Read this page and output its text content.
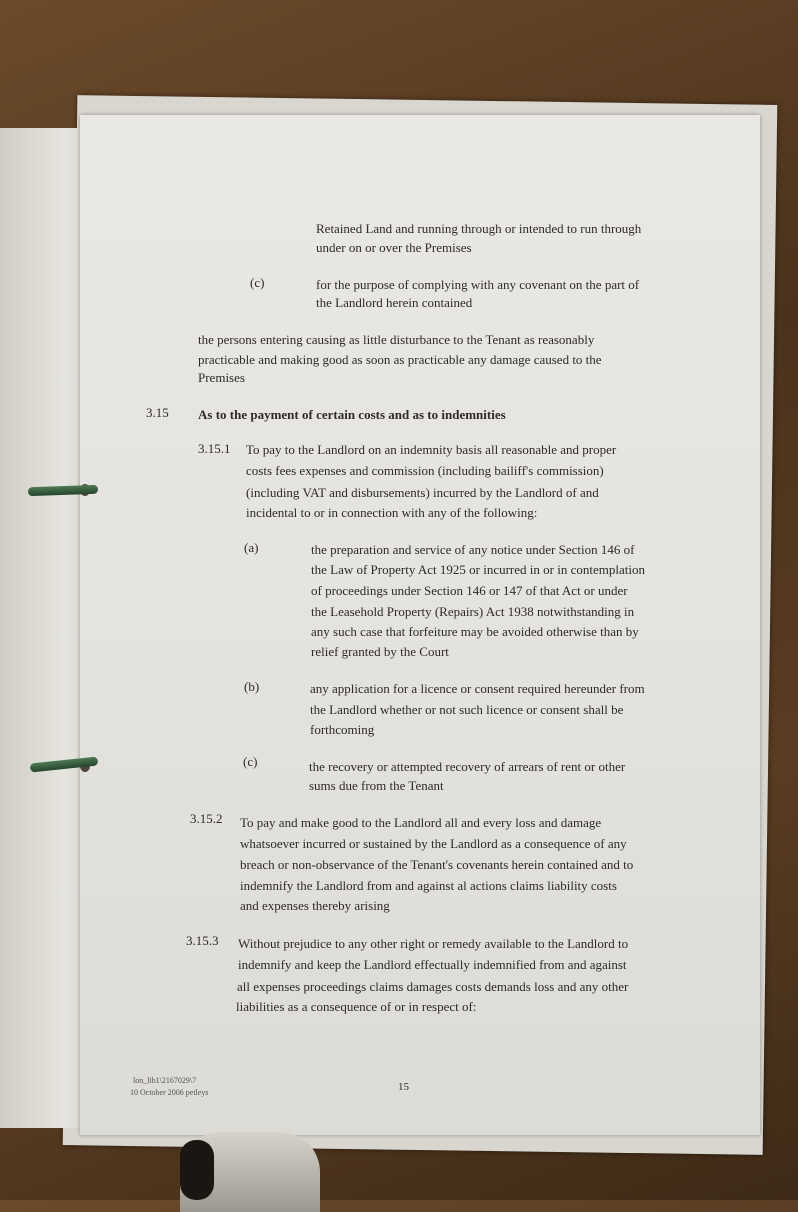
Retained Land and running through or intended to run through

under on or over the Premises

(c)	for the purpose of complying with any covenant on the part of

the Landlord herein contained

the persons entering causing as little disturbance to the Tenant as reasonably

practicable and making good as soon as practicable any damage caused to the

Premises

3.15 As to the payment of certain costs and as to indemnities

3.15.1 To pay to the Landlord on an indemnity basis all reasonable and proper

costs fees expenses and commission (including bailiff's commission)

(including VAT and disbursements) incurred by the Landlord of and

incidental to or in connection with any of the following:

(a)	the preparation and service of any notice under Section 146 of

the Law of Property Act 1925 or incurred in or in contemplation

of proceedings under Section 146 or 147 of that Act or under

the Leasehold Property (Repairs) Act 1938 notwithstanding in

any such case that forfeiture may be avoided otherwise than by

relief granted by the Court

(b)	any application for a licence or consent required hereunder from

the Landlord whether or not such licence or consent shall be

forthcoming

(c)	the recovery or attempted recovery of arrears of rent or other

sums due from the Tenant

3.15.2 To pay and make good to the Landlord all and every loss and damage

whatsoever incurred or sustained by the Landlord as a consequence of any

breach or non-observance of the Tenant's covenants herein contained and to

indemnify the Landlord from and against al actions claims liability costs

and expenses thereby arising

3.15.3 Without prejudice to any other right or remedy available to the Landlord to

indemnify and keep the Landlord effectually indemnified from and against

all expenses proceedings claims damages costs demands loss and any other

liabilities as a consequence of or in respect of:

lon_lib1\2167029\7

10 October 2006 petleys	15
